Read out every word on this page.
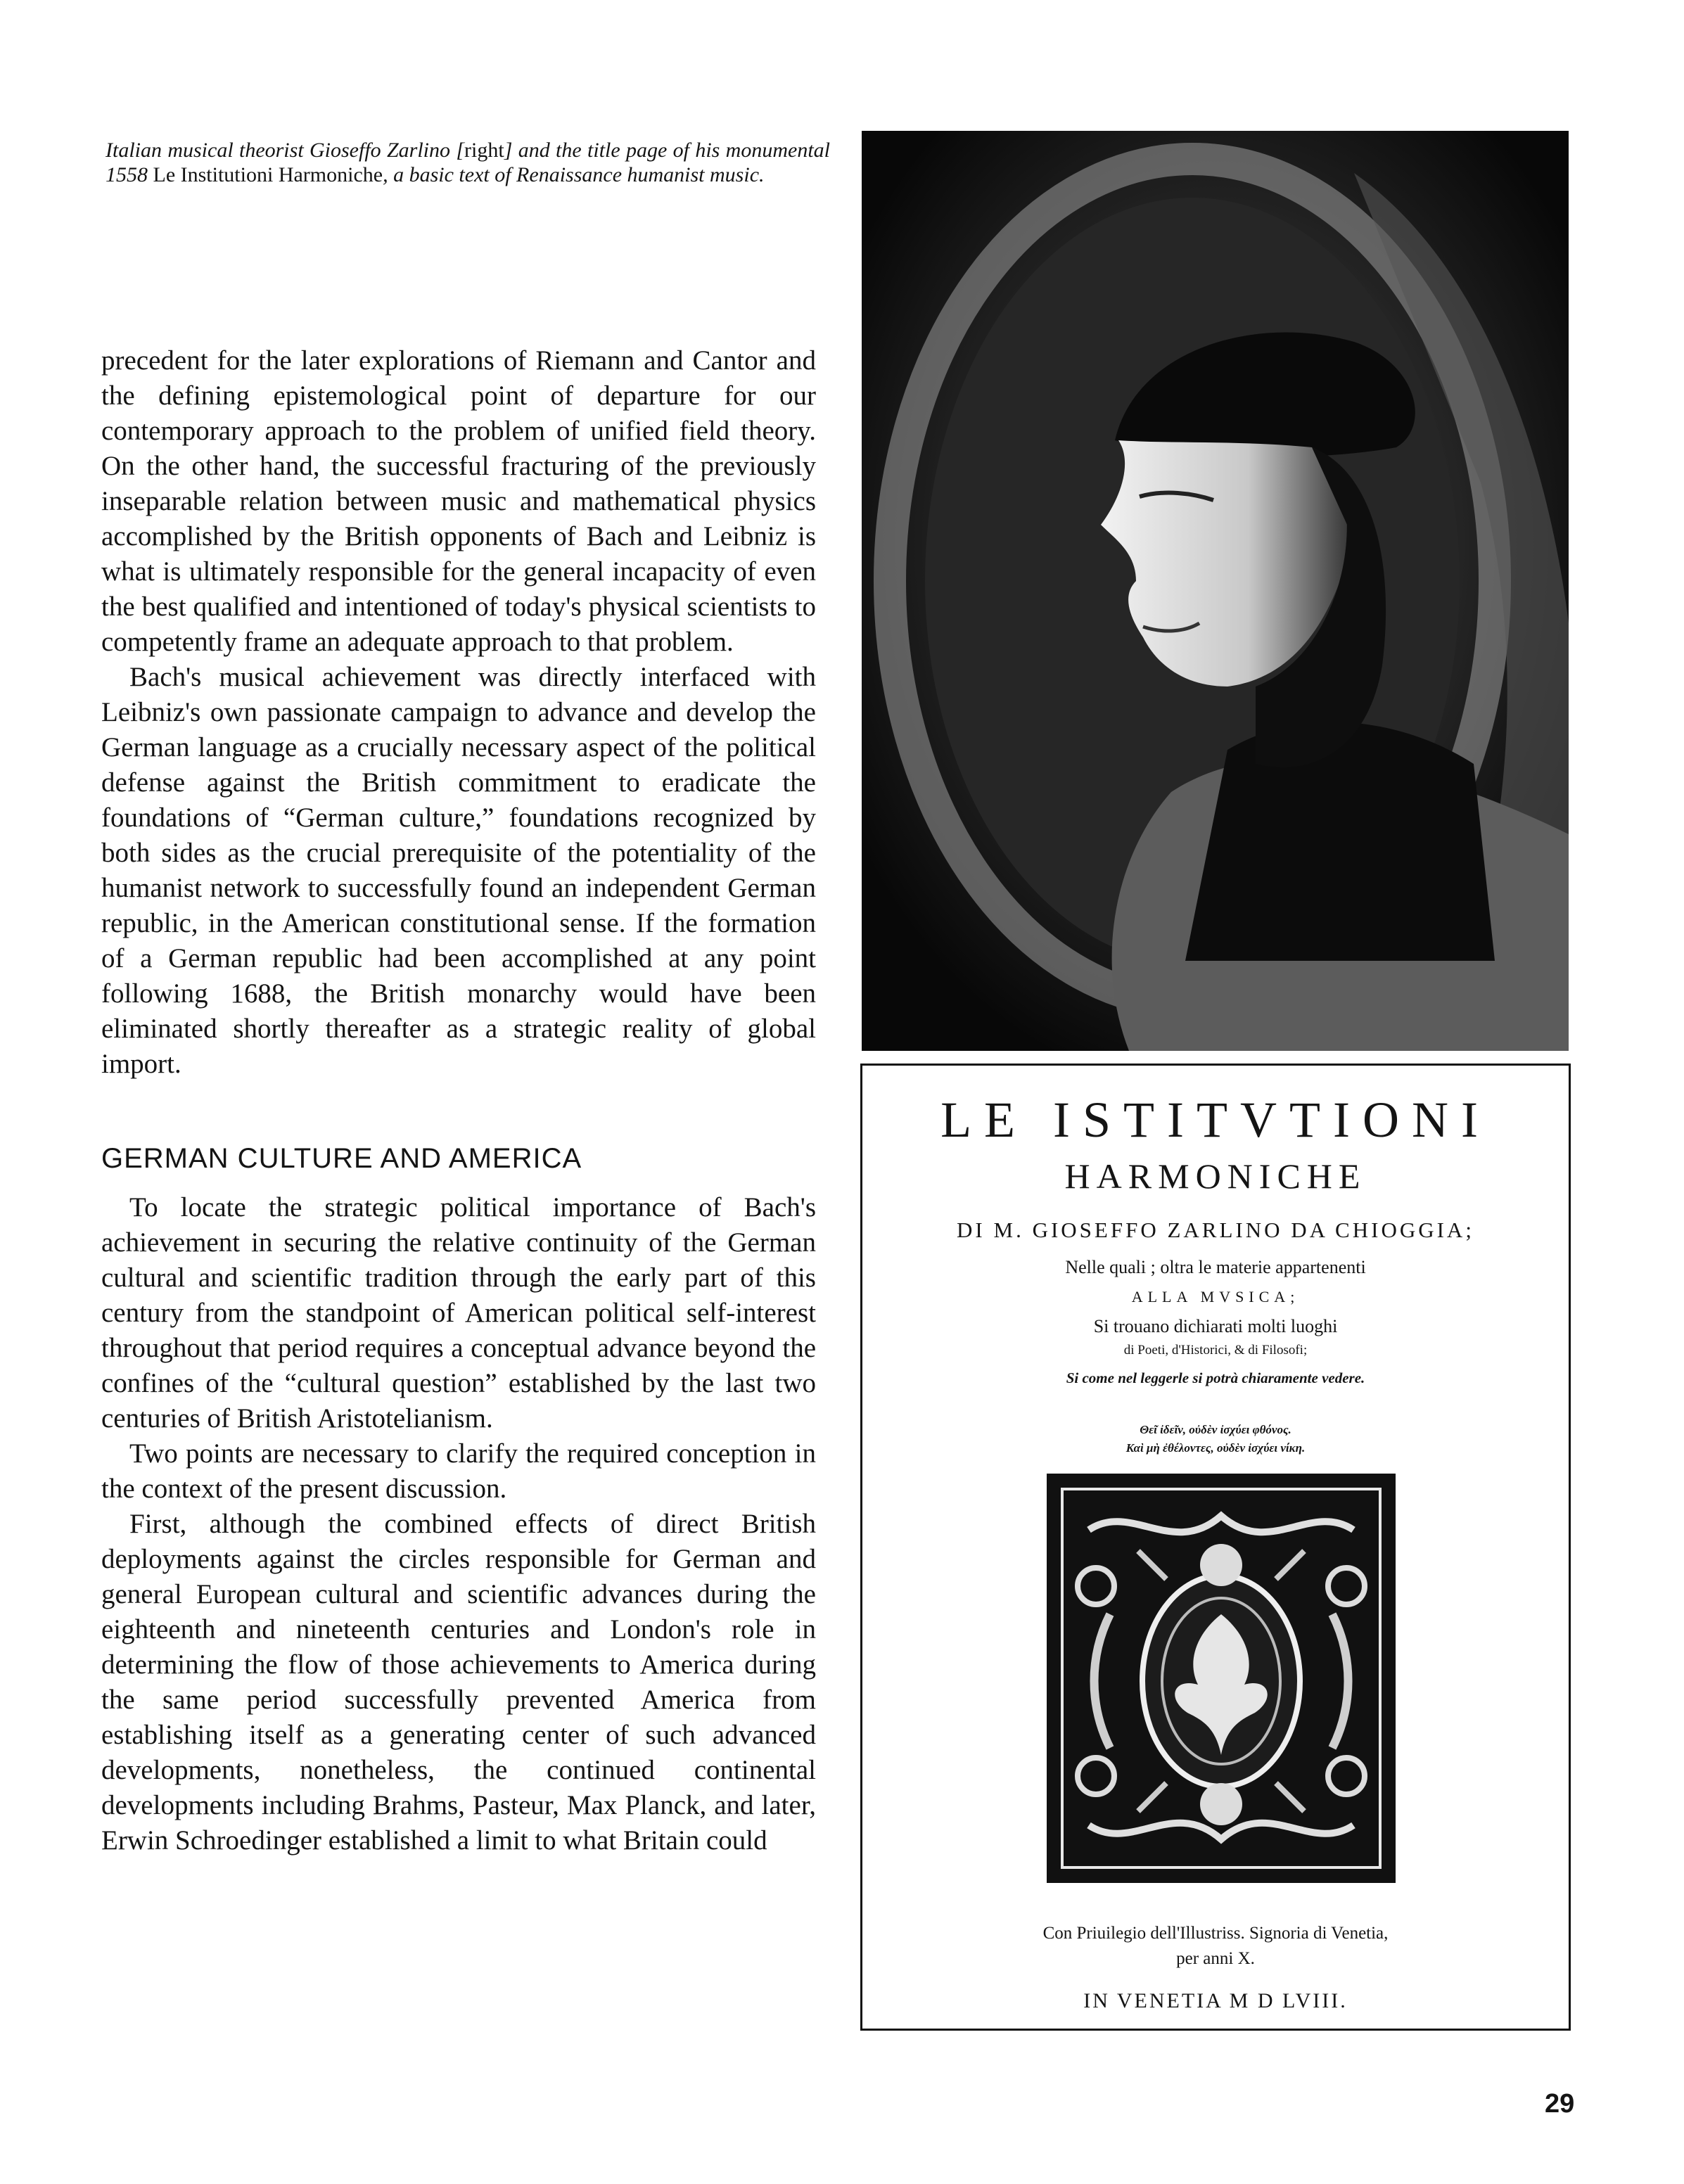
Italian musical theorist Gioseffo Zarlino [right] and the title page of his monumental 1558 Le Institutioni Harmoniche, a basic text of Renaissance humanist music.

precedent for the later explorations of Riemann and Cantor and the defining epistemological point of departure for our contemporary approach to the problem of unified field theory. On the other hand, the successful fracturing of the previously inseparable relation between music and mathematical physics accomplished by the British opponents of Bach and Leibniz is what is ultimately responsible for the general incapacity of even the best qualified and intentioned of today's physical scientists to competently frame an adequate approach to that problem.

Bach's musical achievement was directly interfaced with Leibniz's own passionate campaign to advance and develop the German language as a crucially necessary aspect of the political defense against the British commitment to eradicate the foundations of “German culture,” foundations recognized by both sides as the crucial prerequisite of the potentiality of the humanist network to successfully found an independent German republic, in the American constitutional sense. If the formation of a German republic had been accomplished at any point following 1688, the British monarchy would have been eliminated shortly thereafter as a strategic reality of global import.

GERMAN CULTURE AND AMERICA

To locate the strategic political importance of Bach's achievement in securing the relative continuity of the German cultural and scientific tradition through the early part of this century from the standpoint of American political self-interest throughout that period requires a conceptual advance beyond the confines of the “cultural question” established by the last two centuries of British Aristotelianism.

Two points are necessary to clarify the required conception in the context of the present discussion.

First, although the combined effects of direct British deployments against the circles responsible for German and general European cultural and scientific advances during the eighteenth and nineteenth centuries and London's role in determining the flow of those achievements to America during the same period successfully prevented America from establishing itself as a generating center of such advanced developments, nonetheless, the continued continental developments including Brahms, Pasteur, Max Planck, and later, Erwin Schroedinger established a limit to what Britain could

LE ISTITVTIONI

HARMONICHE

DI M. GIOSEFFO ZARLINO DA CHIOGGIA;

Nelle quali ; oltra le materie appartenenti

ALLA MVSICA;

Si trouano dichiarati molti luoghi

di Poeti, d'Historici, & di Filosofi;

Si come nel leggerle si potrà chiaramente vedere.

Θεῖ ἰδεῖν, οὐδὲν ἰσχύει φθόνος.

Καὶ μὴ ἐθέλοντες, οὐδὲν ἰσχύει νίκη.

Con Priuilegio dell'Illustriss. Signoria di Venetia,

per anni X.

IN VENETIA M D LVIII.

29
